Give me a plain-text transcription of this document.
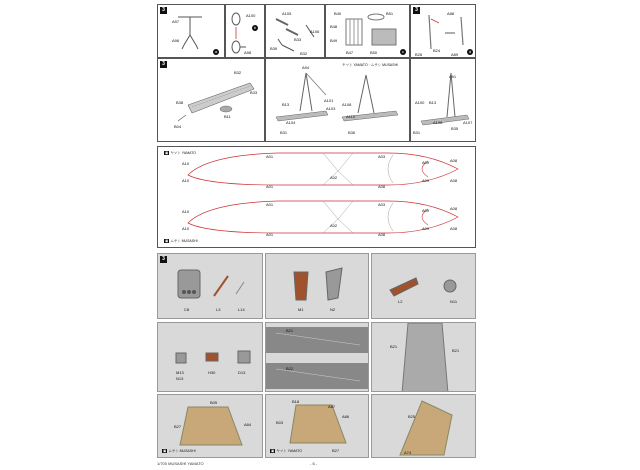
3
A97
A96
a
A100
A98
b
A105
A106
B33
B39
B32
B40
B48
B51
B49
B47	B50	c
3
A88
B24
A89
B28
d
3
B32
B33
B38
B11
B04
ヤマト YAMATO · ムサシ MUSASHI
A94
B13
A101
A103
A104
A108
B31
A110
B36
A91
A100 B13
A108
B35
A107
B31
▣ ヤマト YAMATO
▣ ムサシ MUSASHI
A10
A01
A02
A03
A08
A09
A08
A01
A10
A08
A09
A10
A01
A02
A03
A08
A09
A08
A01
A10
A08
A09
3
C8	L3	L14	M1	N2
L2	N11
M13
N13
H30	D13
B21
B22
B21
B21
B05
B27	A84
▣ ムサシ MUSASHI
B18
A87
A86
B03
B27
▣ ヤマト YAMATO
B25
A74
1/700 MUSASHI YAMATO	- 6 -
